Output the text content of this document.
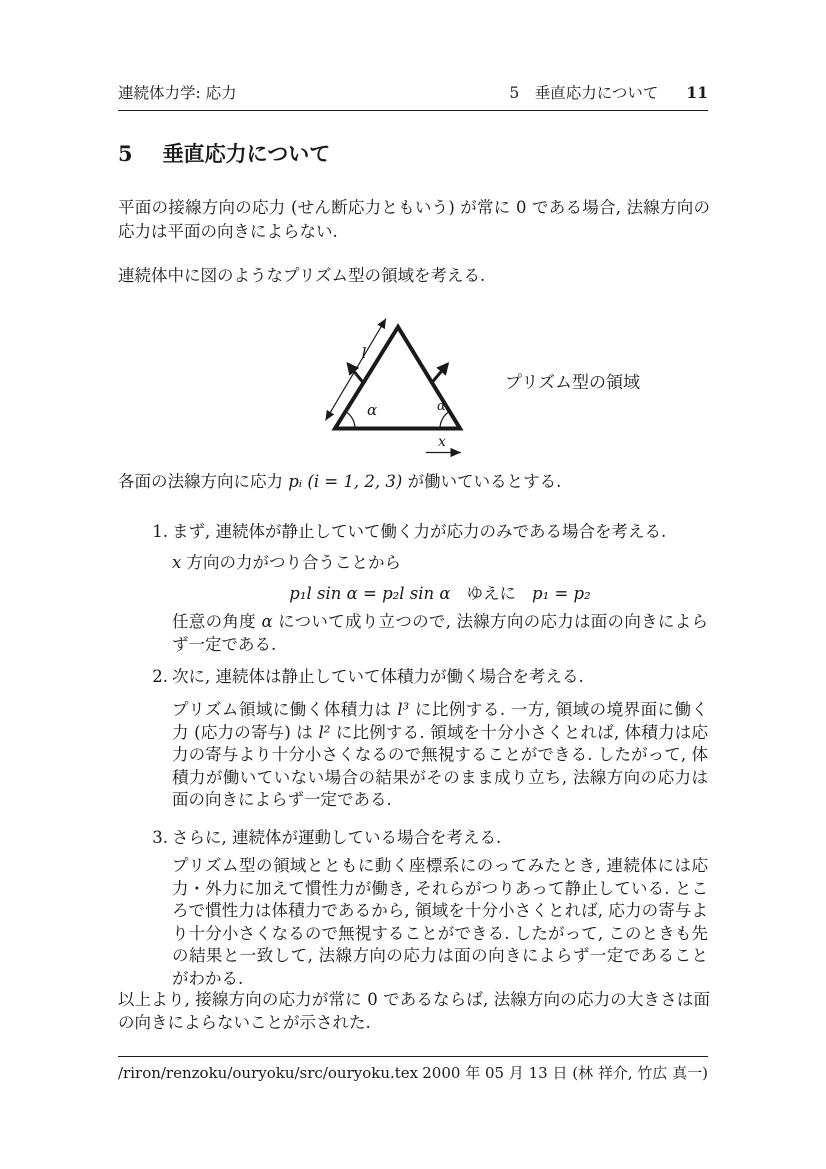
連続体力学: 応力	5　垂直応力について 11
5 垂直応力について

平面の接線方向の応力 (せん断応力ともいう) が常に 0 である場合, 法線方向の応力は平面の向きによらない.

連続体中に図のようなプリズム型の領域を考える.

α
l
α
x
プリズム型の領域

各面の法線方向に応力 pᵢ (i = 1, 2, 3) が働いているとする.

1. まず, 連続体が静止していて働く力が応力のみである場合を考える.

x 方向の力がつり合うことから

p₁l sin α = p₂l sin α ゆえに p₁ = p₂

任意の角度 α について成り立つので, 法線方向の応力は面の向きによらず一定である.

2. 次に, 連続体は静止していて体積力が働く場合を考える.

プリズム領域に働く体積力は l³ に比例する. 一方, 領域の境界面に働く力 (応力の寄与) は l² に比例する. 領域を十分小さくとれば, 体積力は応力の寄与より十分小さくなるので無視することができる. したがって, 体積力が働いていない場合の結果がそのまま成り立ち, 法線方向の応力は面の向きによらず一定である.

3. さらに, 連続体が運動している場合を考える.

プリズム型の領域とともに動く座標系にのってみたとき, 連続体には応力・外力に加えて慣性力が働き, それらがつりあって静止している. ところで慣性力は体積力であるから, 領域を十分小さくとれば, 応力の寄与より十分小さくなるので無視することができる. したがって, このときも先の結果と一致して, 法線方向の応力は面の向きによらず一定であることがわかる.

以上より, 接線方向の応力が常に 0 であるならば, 法線方向の応力の大きさは面の向きによらないことが示された.

/riron/renzoku/ouryoku/src/ouryoku.tex 2000 年 05 月 13 日 (林 祥介, 竹広 真一)
